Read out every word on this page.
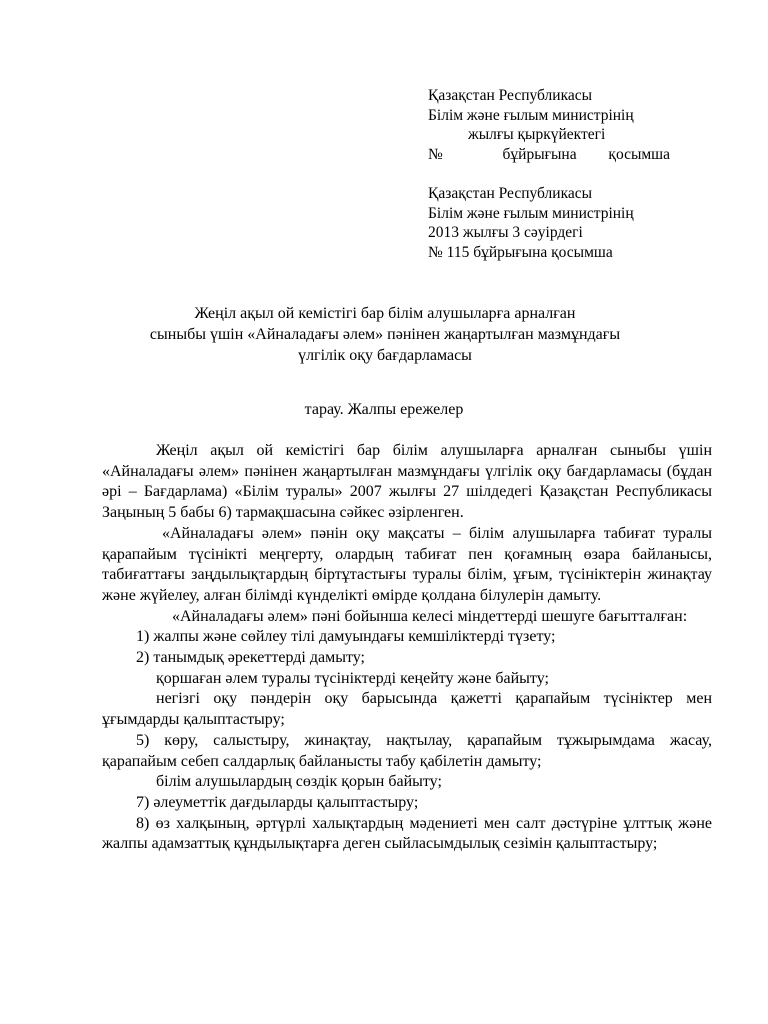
Қазақстан Республикасы
Білім және ғылым министрінің
жылғы қыркүйектегі
№ бұйрығына қосымша
Қазақстан Республикасы
Білім және ғылым министрінің
2013 жылғы 3 сәуірдегі
№ 115 бұйрығына қосымша
Жеңіл ақыл ой кемістігі бар білім алушыларға арналған
сыныбы үшін «Айналадағы әлем» пәнінен жаңартылған мазмұндағы
үлгілік оқу бағдарламасы
тарау. Жалпы ережелер

Жеңіл ақыл ой кемістігі бар білім алушыларға арналған сыныбы үшін «Айналадағы әлем» пәнінен жаңартылған мазмұндағы үлгілік оқу бағдарламасы (бұдан әрі – Бағдарлама) «Білім туралы» 2007 жылғы 27 шілдедегі Қазақстан Республикасы Заңының 5 бабы 6) тармақшасына сәйкес әзірленген.

«Айналадағы әлем» пәнін оқу мақсаты – білім алушыларға табиғат туралы қарапайым түсінікті меңгерту, олардың табиғат пен қоғамның өзара байланысы, табиғаттағы заңдылықтардың біртұтастығы туралы білім, ұғым, түсініктерін жинақтау және жүйелеу, алған білімді күнделікті өмірде қолдана білулерін дамыту.

«Айналадағы әлем» пәні бойынша келесі міндеттерді шешуге бағытталған:

1) жалпы және сөйлеу тілі дамуындағы кемшіліктерді түзету;

2) танымдық әрекеттерді дамыту;

қоршаған әлем туралы түсініктерді кеңейту және байыту;

негізгі оқу пәндерін оқу барысында қажетті қарапайым түсініктер мен ұғымдарды қалыптастыру;

5) көру, салыстыру, жинақтау, нақтылау, қарапайым тұжырымдама жасау, қарапайым себеп салдарлық байланысты табу қабілетін дамыту;

білім алушылардың сөздік қорын байыту;

7) әлеуметтік дағдыларды қалыптастыру;

8) өз халқының, әртүрлі халықтардың мәдениеті мен салт дәстүріне ұлттық және жалпы адамзаттық құндылықтарға деген сыйласымдылық сезімін қалыптастыру;
